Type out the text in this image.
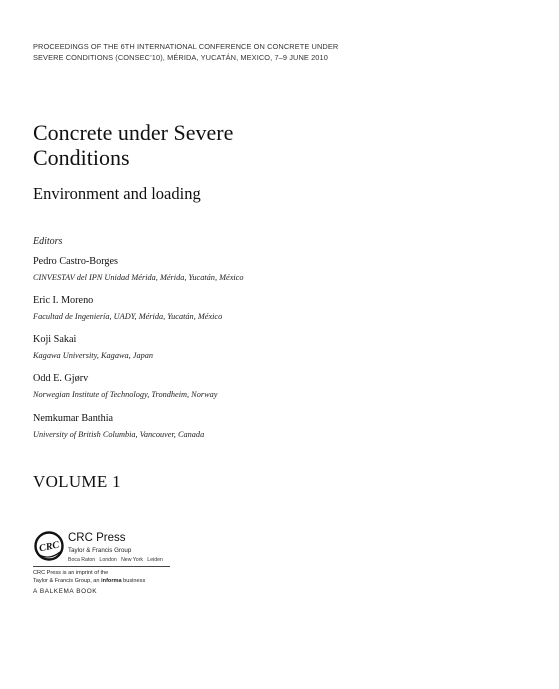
PROCEEDINGS OF THE 6TH INTERNATIONAL CONFERENCE ON CONCRETE UNDER
SEVERE CONDITIONS (CONSEC’10), MÉRIDA, YUCATÁN, MEXICO, 7–9 JUNE 2010
Concrete under Severe
Conditions
Environment and loading
Editors
Pedro Castro-Borges
CINVESTAV del IPN Unidad Mérida, Mérida, Yucatán, México
Eric I. Moreno
Facultad de Ingeniería, UADY, Mérida, Yucatán, México
Koji Sakai
Kagawa University, Kagawa, Japan
Odd E. Gjørv
Norwegian Institute of Technology, Trondheim, Norway
Nemkumar Banthia
University of British Columbia, Vancouver, Canada
VOLUME 1
CRC
CRC Press
Taylor & Francis Group
Boca Raton   London   New York   Leiden
CRC Press is an imprint of the
Taylor & Francis Group, an informa business
A BALKEMA BOOK
